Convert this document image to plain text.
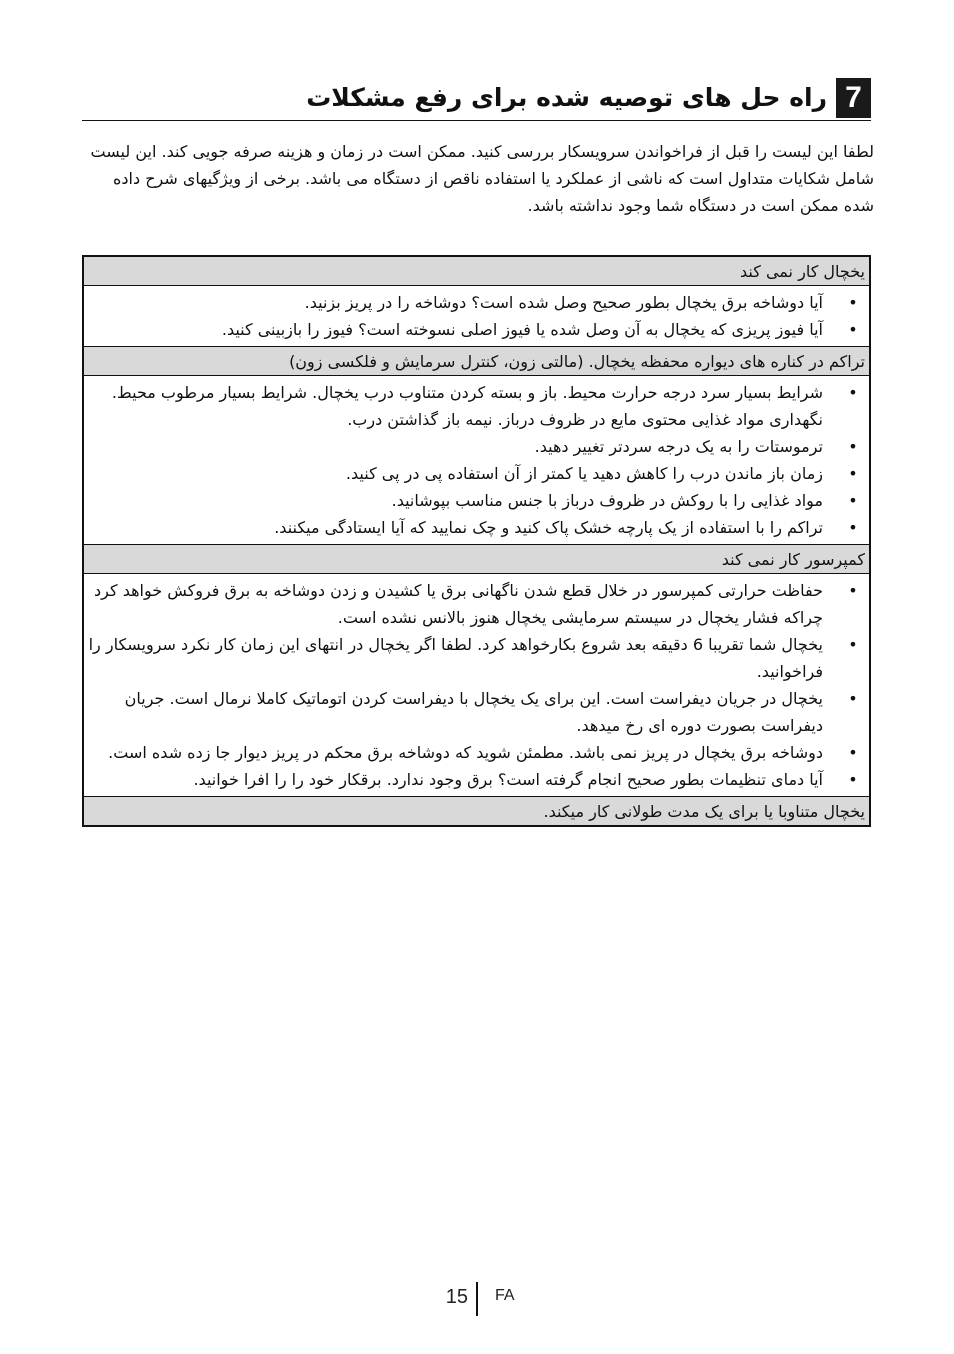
7
راه حل های توصیه شده برای رفع مشکلات
لطفا این لیست را قبل از فراخواندن سرویسکار بررسی کنید. ممکن است در زمان و هزینه صرفه جویی کند. این لیست شامل شکایات متداول است که ناشی از عملکرد یا استفاده ناقص از دستگاه می باشد. برخی از ویژگیهای شرح داده شده ممکن است در دستگاه شما وجود نداشته باشد.
یخچال کار نمی کند
•
آیا دوشاخه برق یخچال بطور صحیح وصل شده است؟ دوشاخه را در پریز بزنید.
•
آیا فیوز پریزی که یخچال به آن وصل شده یا فیوز اصلی نسوخته است؟ فیوز را بازبینی کنید.
تراکم در کناره های دیواره محفظه یخچال. (مالتی زون، کنترل سرمایش و فلکسی زون)
•
شرایط بسیار سرد درجه حرارت محیط. باز و بسته کردن متناوب درب یخچال. شرایط بسیار مرطوب محیط. نگهداری مواد غذایی محتوی مایع در ظروف درباز. نیمه باز گذاشتن درب.
•
ترموستات را به یک درجه سردتر تغییر دهید.
•
زمان باز ماندن درب را کاهش دهید یا کمتر از آن استفاده پی در پی کنید.
•
مواد غذایی را با روکش در ظروف درباز با جنس مناسب بپوشانید.
•
تراکم را با استفاده از یک پارچه خشک پاک کنید و چک نمایید که آیا ایستادگی میکنند.
کمپرسور کار نمی کند
•
حفاظت حرارتی کمپرسور در خلال قطع شدن ناگهانی برق یا کشیدن و زدن دوشاخه به برق فروکش خواهد کرد چراکه فشار یخچال در سیستم سرمایشی یخچال هنوز بالانس نشده است.
•
یخچال شما تقریبا 6 دقیقه بعد شروع بکارخواهد کرد. لطفا اگر یخچال در انتهای این زمان کار نکرد سرویسکار را فراخوانید.
•
یخچال در جریان دیفراست است. این برای یک یخچال با دیفراست کردن اتوماتیک کاملا نرمال است. جریان دیفراست بصورت دوره ای رخ میدهد.
•
دوشاخه برق یخچال در پریز نمی باشد. مطمئن شوید که دوشاخه برق محکم در پریز دیوار جا زده شده است.
•
آیا دمای تنظیمات بطور صحیح انجام گرفته است؟ برق وجود ندارد. برقکار خود را را افرا خوانید.
یخچال متناوبا یا برای یک مدت طولانی کار میکند.
15 FA
